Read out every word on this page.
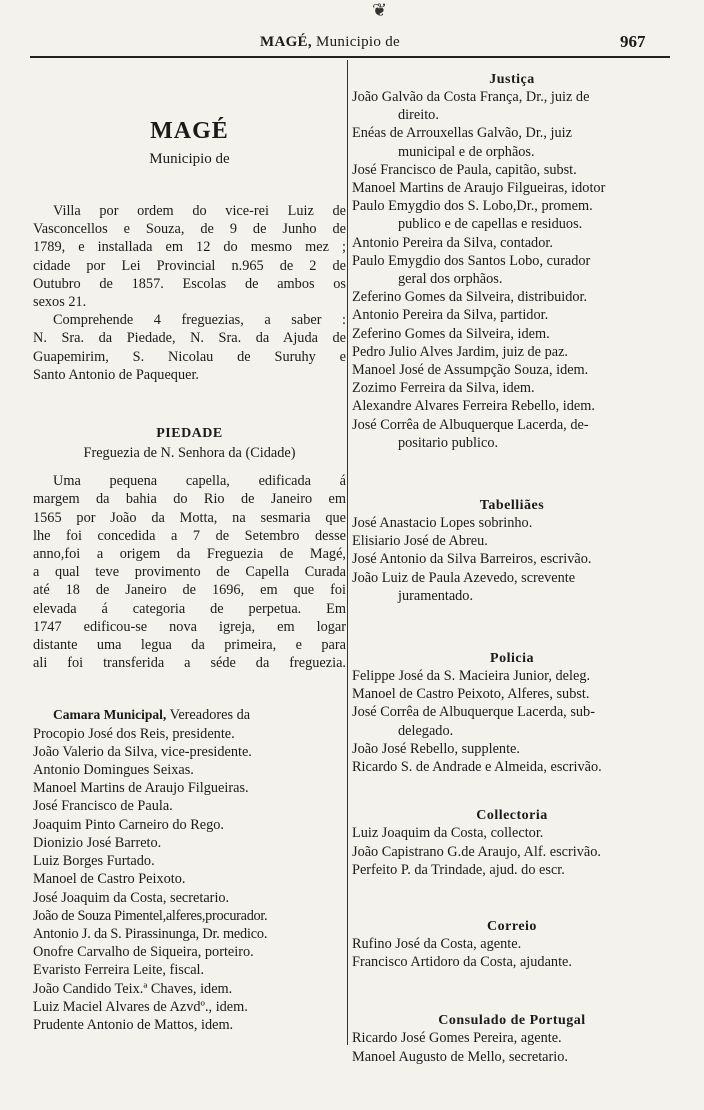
❦
MAGÉ, Municipio de	967
MAGÉ
Municipio de
Villa por ordem do vice-rei Luiz de
Vasconcellos e Souza, de 9 de Junho de
1789, e installada em 12 do mesmo mez ;
cidade por Lei Provincial n.965 de 2 de
Outubro de 1857. Escolas de ambos os
sexos 21.
Comprehende 4 freguezias, a saber :
N. Sra. da Piedade, N. Sra. da Ajuda de
Guapemirim, S. Nicolau de Suruhy e
Santo Antonio de Paquequer.
PIEDADE
Freguezia de N. Senhora da (Cidade)
Uma pequena capella, edificada á
margem da bahia do Rio de Janeiro em
1565 por João da Motta, na sesmaria que
lhe foi concedida a 7 de Setembro desse
anno,foi a origem da Freguezia de Magé,
a qual teve provimento de Capella Curada
até 18 de Janeiro de 1696, em que foi
elevada á categoria de perpetua. Em
1747 edificou-se nova igreja, em logar
distante uma legua da primeira, e para
ali foi transferida a séde da freguezia.
Camara Municipal, Vereadores da
Procopio José dos Reis, presidente.
João Valerio da Silva, vice-presidente.
Antonio Domingues Seixas.
Manoel Martins de Araujo Filgueiras.
José Francisco de Paula.
Joaquim Pinto Carneiro do Rego.
Dionizio José Barreto.
Luiz Borges Furtado.
Manoel de Castro Peixoto.
José Joaquim da Costa, secretario.
João de Souza Pimentel,alferes,procurador.
Antonio J. da S. Pirassinunga, Dr. medico.
Onofre Carvalho de Siqueira, porteiro.
Evaristo Ferreira Leite, fiscal.
João Candido Teix.ª Chaves, idem.
Luiz Maciel Alvares de Azvdº., idem.
Prudente Antonio de Mattos, idem.
Justiça
João Galvão da Costa França, Dr., juiz de
direito.
Enéas de Arrouxellas Galvão, Dr., juiz
municipal e de orphãos.
José Francisco de Paula, capitão, subst.
Manoel Martins de Araujo Filgueiras, idotor
Paulo Emygdio dos S. Lobo,Dr., promem.
publico e de capellas e residuos.
Antonio Pereira da Silva, contador.
Paulo Emygdio dos Santos Lobo, curador
geral dos orphãos.
Zeferino Gomes da Silveira, distribuidor.
Antonio Pereira da Silva, partidor.
Zeferino Gomes da Silveira, idem.
Pedro Julio Alves Jardim, juiz de paz.
Manoel José de Assumpção Souza, idem.
Zozimo Ferreira da Silva, idem.
Alexandre Alvares Ferreira Rebello, idem.
José Corrêa de Albuquerque Lacerda, de-
positario publico.
Tabelliães
José Anastacio Lopes sobrinho.
Elisiario José de Abreu.
José Antonio da Silva Barreiros, escrivão.
João Luiz de Paula Azevedo, screvente
juramentado.
Policia
Felippe José da S. Macieira Junior, deleg.
Manoel de Castro Peixoto, Alferes, subst.
José Corrêa de Albuquerque Lacerda, sub-
delegado.
João José Rebello, supplente.
Ricardo S. de Andrade e Almeida, escrivão.
Collectoria
Luiz Joaquim da Costa, collector.
João Capistrano G.de Araujo, Alf. escrivão.
Perfeito P. da Trindade, ajud. do escr.
Correio
Rufino José da Costa, agente.
Francisco Artidoro da Costa, ajudante.
Consulado de Portugal
Ricardo José Gomes Pereira, agente.
Manoel Augusto de Mello, secretario.
